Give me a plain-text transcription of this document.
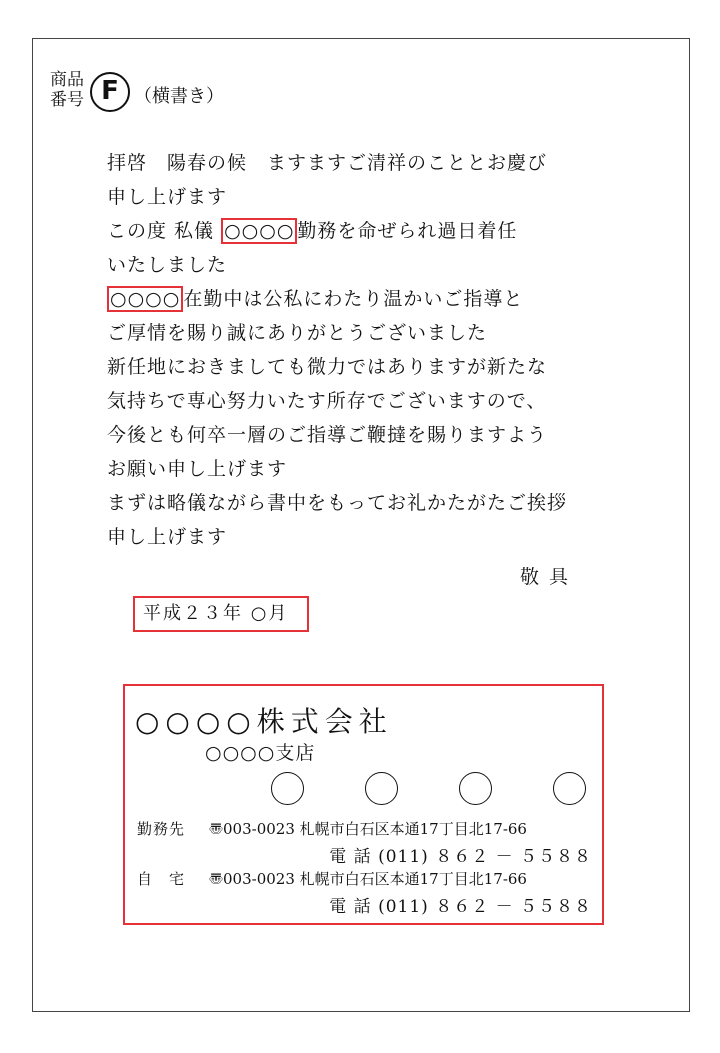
商品
番号 F （横書き）
拝啓　陽春の候　ますますご清祥のこととお慶び
申し上げます
この度 私儀 ○○○○ 勤務を命ぜられ過日着任
いたしました
○○○○ 在勤中は公私にわたり温かいご指導と
ご厚情を賜り誠にありがとうございました
新任地におきましても微力ではありますが新たな
気持ちで専心努力いたす所存でございますので、
今後とも何卒一層のご指導ご鞭撻を賜りますよう
お願い申し上げます
まずは略儀ながら書中をもってお礼かたがたご挨拶
申し上げます
敬具
平成２３年 ○月
○○○○株式会社
○○○○支店
勤務先 〠003-0023 札幌市白石区本通17丁目北17-66
電 話 (011) ８６２ － ５５８８
自　宅 〠003-0023 札幌市白石区本通17丁目北17-66
電 話 (011) ８６２ － ５５８８
